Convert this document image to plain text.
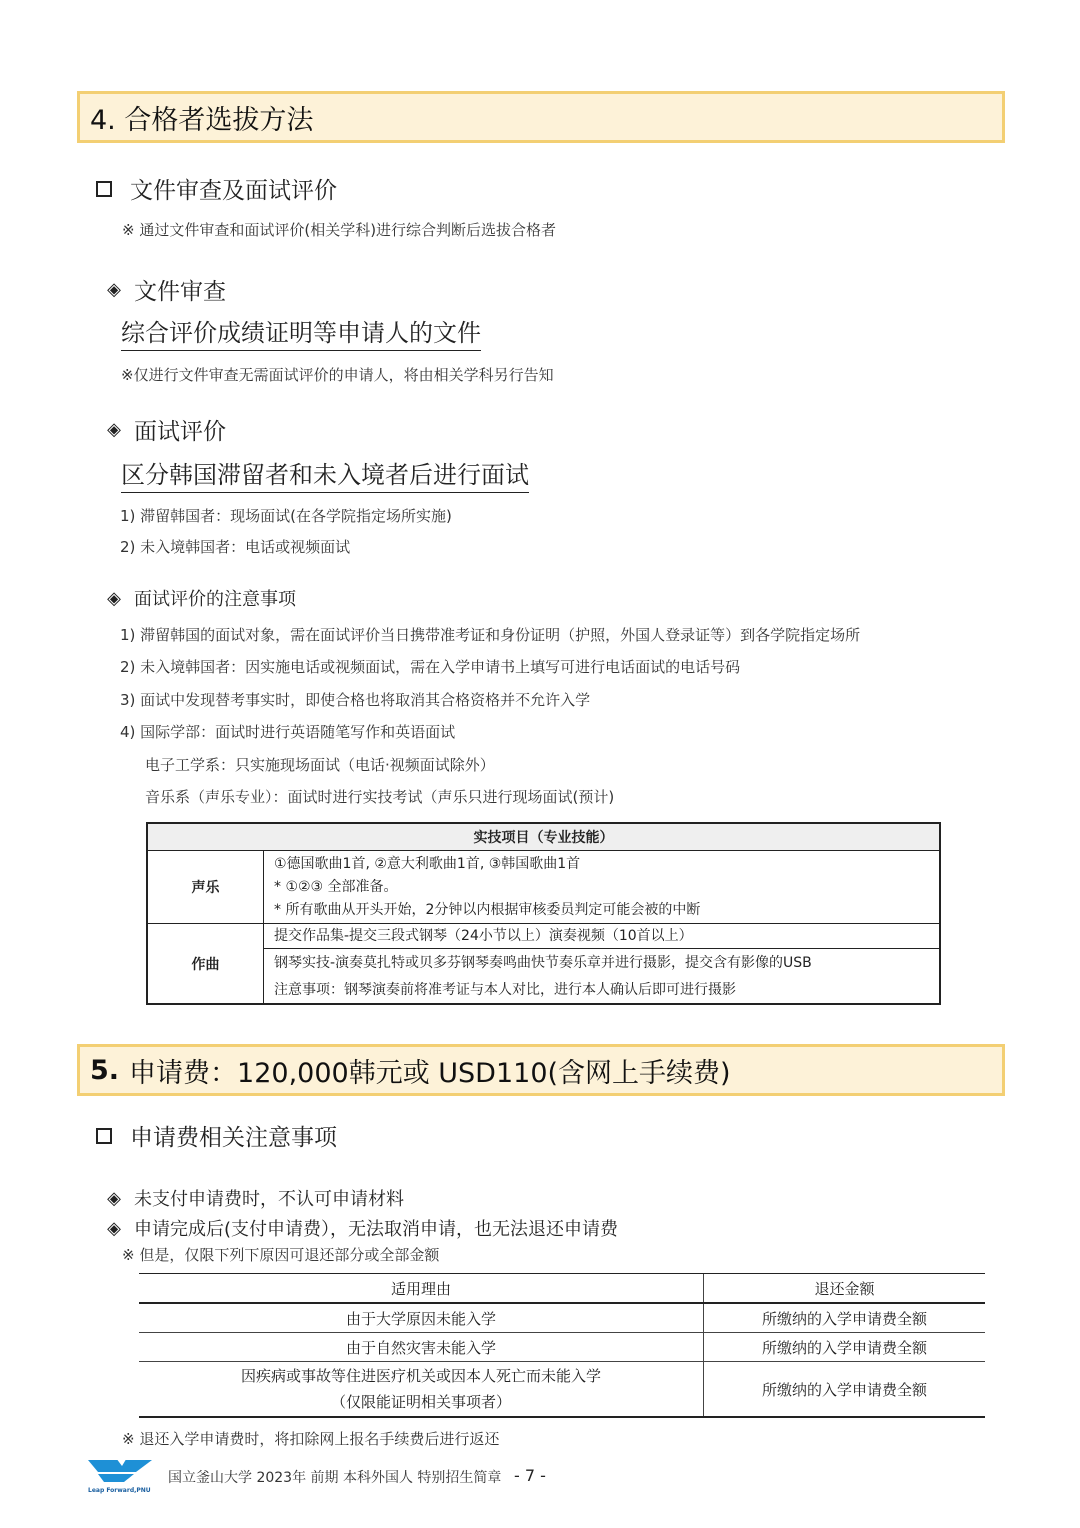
4. 合格者选拔方法
文件审查及面试评价
※ 通过文件审查和面试评价(相关学科)进行综合判断后选拔合格者
◈ 文件审查
综合评价成绩证明等申请人的文件
※仅进行文件审查无需面试评价的申请人，将由相关学科另行告知
◈ 面试评价
区分韩国滞留者和未入境者后进行面试
1) 滞留韩国者：现场面试(在各学院指定场所实施)
2) 未入境韩国者：电话或视频面试
◈ 面试评价的注意事项
1) 滞留韩国的面试对象，需在面试评价当日携带准考证和身份证明（护照，外国人登录证等）到各学院指定场所
2) 未入境韩国者：因实施电话或视频面试，需在入学申请书上填写可进行电话面试的电话号码
3) 面试中发现替考事实时，即使合格也将取消其合格资格并不允许入学
4) 国际学部：面试时进行英语随笔写作和英语面试
电子工学系：只实施现场面试（电话·视频面试除外）
音乐系（声乐专业）：面试时进行实技考试（声乐只进行现场面试(预计)
实技项目（专业技能）	
声乐	①德国歌曲1首, ②意大利歌曲1首, ③韩国歌曲1首
* ①②③ 全部准备。
* 所有歌曲从开头开始，2分钟以内根据审核委员判定可能会被的中断

作曲	提交作品集-提交三段式钢琴（24小节以上）演奏视频（10首以上）
	钢琴实技-演奏莫扎特或贝多芬钢琴奏鸣曲快节奏乐章并进行摄影，提交含有影像的USB
	注意事项：钢琴演奏前将准考证与本人对比，进行本人确认后即可进行摄影
5. 申请费：120,000韩元或 USD110(含网上手续费)
申请费相关注意事项
◈ 未支付申请费时，不认可申请材料
◈ 申请完成后(支付申请费），无法取消申请，也无法退还申请费
※ 但是，仅限下列下原因可退还部分或全部金额
适用理由	退还金额
由于大学原因未能入学	所缴纳的入学申请费全额
由于自然灾害未能入学	所缴纳的入学申请费全额

因疾病或事故等住进医疗机关或因本人死亡而未能入学
（仅限能证明相关事项者）	所缴纳的入学申请费全额
※ 退还入学申请费时，将扣除网上报名手续费后进行返还
Leap Forward,PNU
国立釜山大学 2023年 前期 本科外国人 特别招生简章 - 7 -
